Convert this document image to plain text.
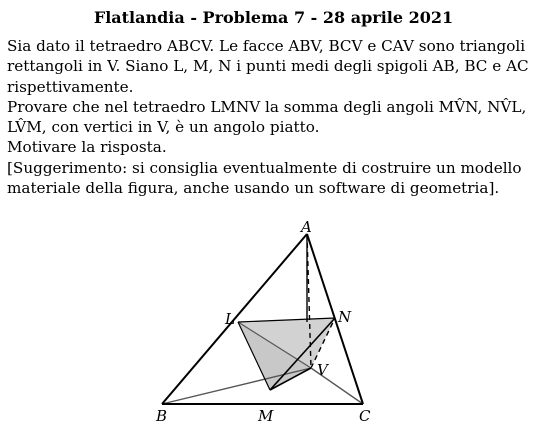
Flatlandia - Problema 7 - 28 aprile 2021

Sia dato il tetraedro ABCV. Le facce ABV, BCV e CAV sono triangoli rettangoli in V. Siano L, M, N i punti medi degli spigoli AB, BC e AC rispettivamente.

Provare che nel tetraedro LMNV la somma degli angoli MV̂N, NV̂L, LV̂M, con vertici in V, è un angolo piatto.

Motivare la risposta.

[Suggerimento: si consiglia eventualmente di costruire un modello materiale della figura, anche usando un software di geometria].

A
L	N
V
B	M	C
